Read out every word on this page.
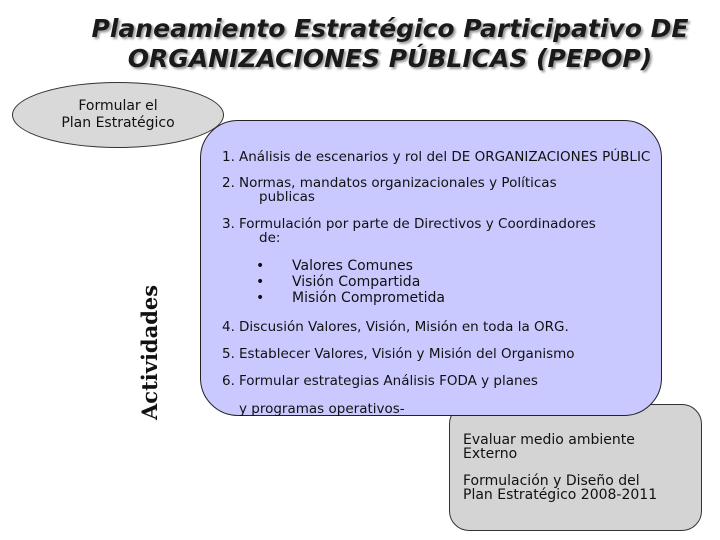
Planeamiento Estratégico Participativo DE
ORGANIZACIONES PÚBLICAS (PEPOP)
Evaluar medio ambiente
Externo
Formulación y Diseño del
Plan Estratégico 2008-2011
Formular el
Plan Estratégico
Actividades
1. Análisis de escenarios y rol del DE ORGANIZACIONES PÚBLIC
2. Normas, mandatos organizacionales y Políticas
publicas
3. Formulación por parte de Directivos y Coordinadores
de:
• Valores Comunes
• Visión Compartida
• Misión Comprometida
4. Discusión Valores, Visión, Misión en toda la ORG.
5. Establecer Valores, Visión y Misión del Organismo
6. Formular estrategias Análisis FODA y planes
y programas operativos-
